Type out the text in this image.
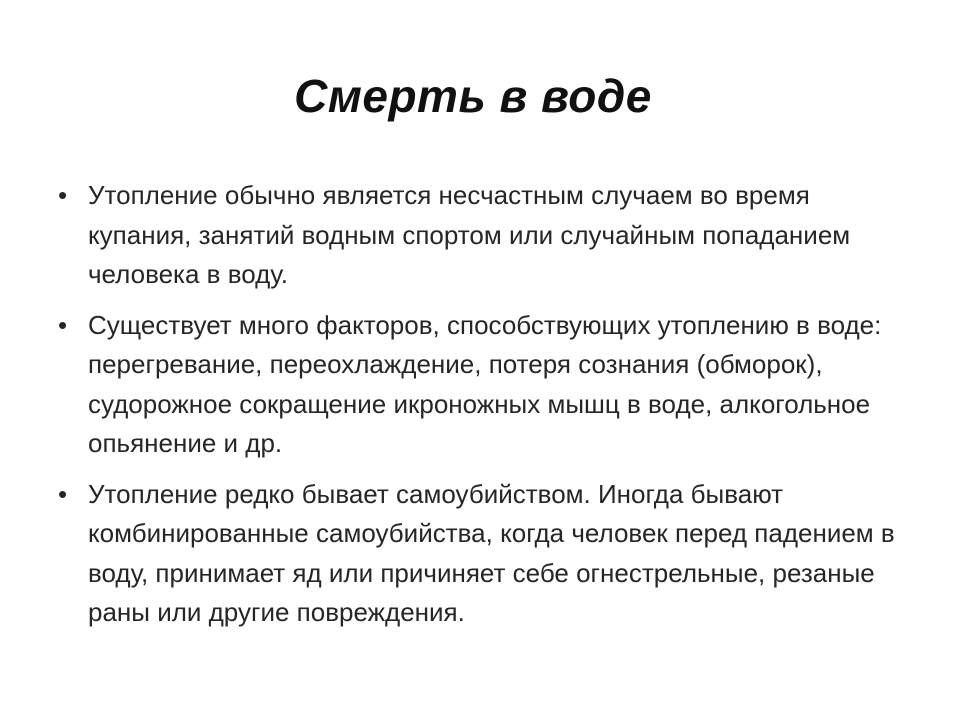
Смерть в воде
• Утопление обычно является несчастным случаем во время купания, занятий водным спортом или случайным попаданием человека в воду.
• Существует много факторов, способствующих утоплению в воде: перегревание, переохлаждение, потеря сознания (обморок), судорожное сокращение икроножных мышц в воде, алкогольное опьянение и др.
• Утопление редко бывает самоубийством. Иногда бывают комбинированные самоубийства, когда человек перед падением в воду, принимает яд или причиняет себе огнестрельные, резаные раны или другие повреждения.
